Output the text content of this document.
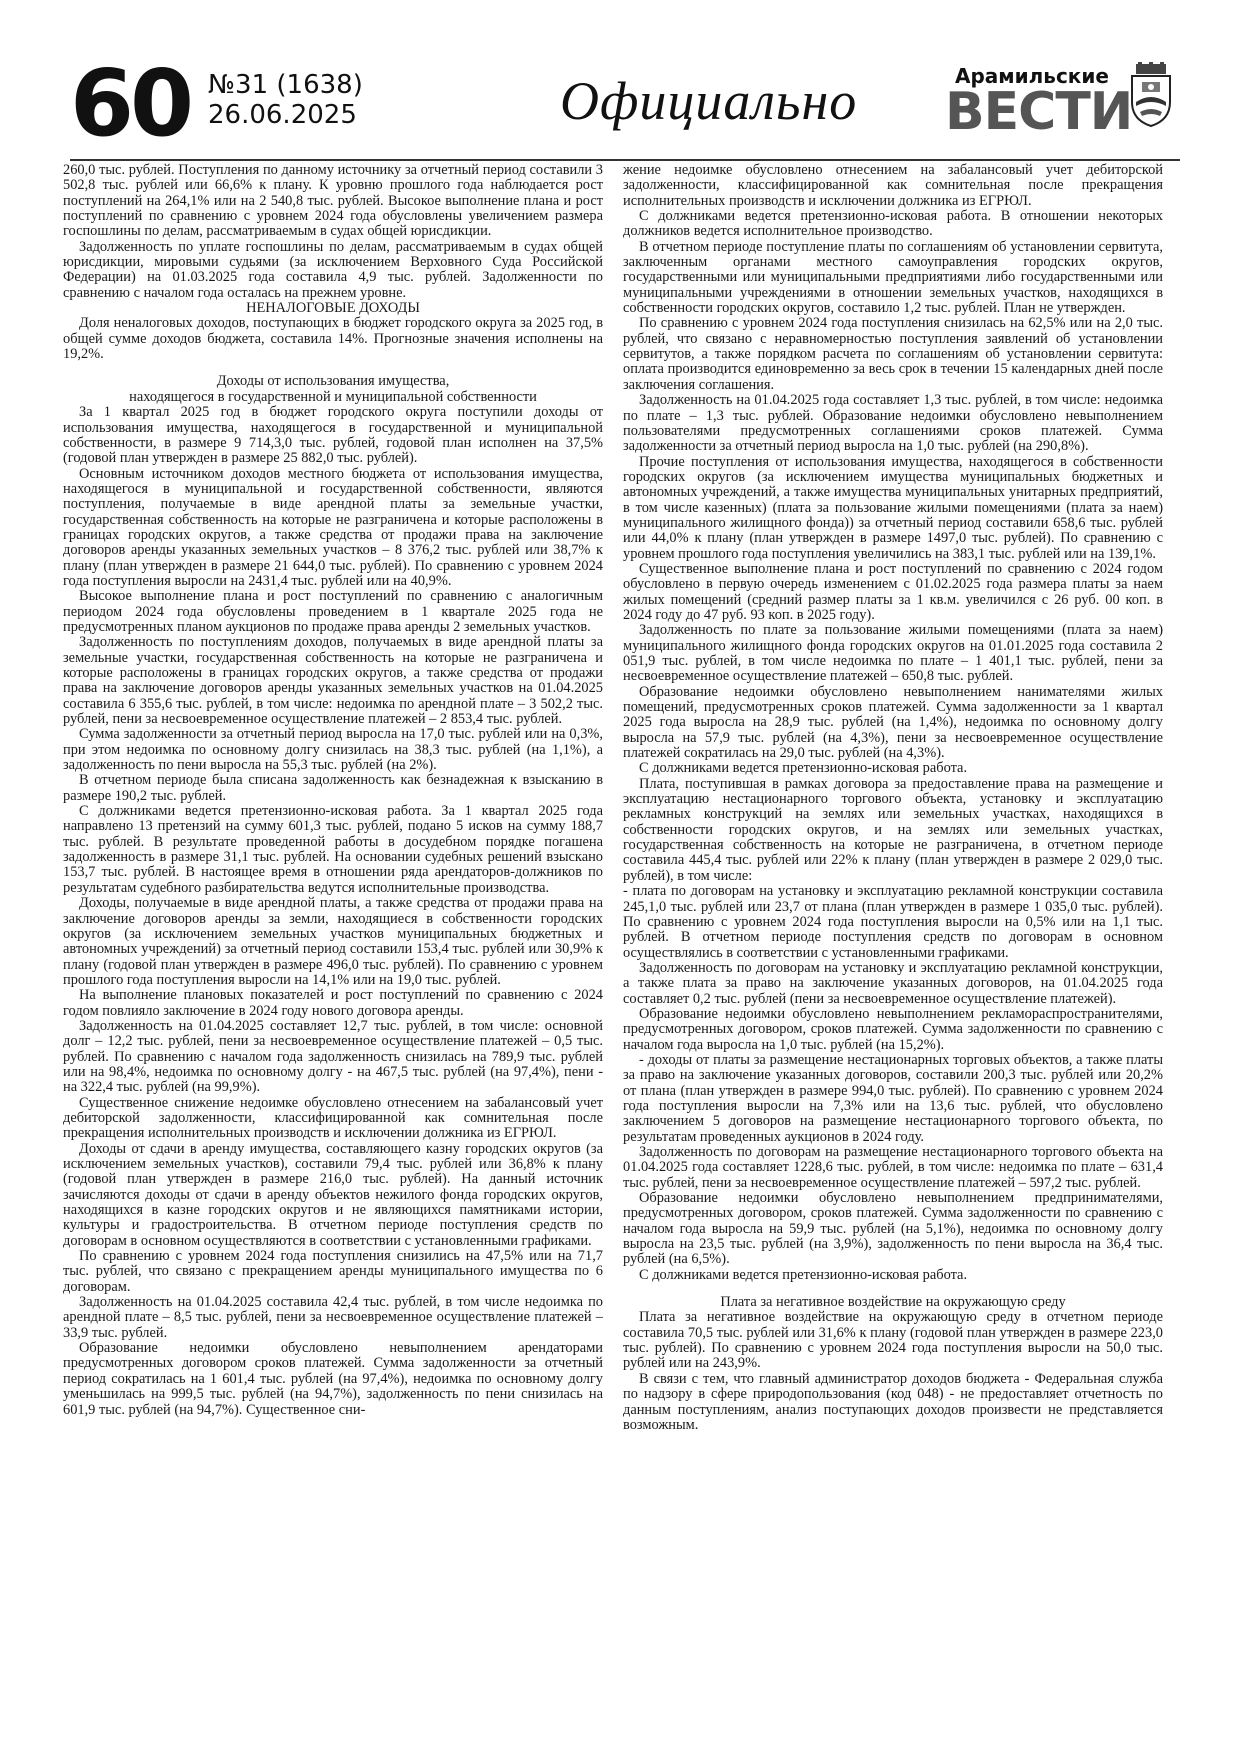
60 №31 (1638)
26.06.2025	Официально	Арамильские
ВЕСТИ

260,0 тыс. рублей. Поступления по данному источнику за отчетный период составили 3 502,8 тыс. рублей или 66,6% к плану. К уровню прошлого года наблюдается рост поступлений на 264,1% или на 2 540,8 тыс. рублей. Высокое выполнение плана и рост поступлений по сравнению с уровнем 2024 года обусловлены увеличением размера госпошлины по делам, рассматриваемым в судах общей юрисдикции.

Задолженность по уплате госпошлины по делам, рассматриваемым в судах общей юрисдикции, мировыми судьями (за исключением Верховного Суда Российской Федерации) на 01.03.2025 года составила 4,9 тыс. рублей. Задолженности по сравнению с началом года осталась на прежнем уровне.

НЕНАЛОГОВЫЕ ДОХОДЫ

Доля неналоговых доходов, поступающих в бюджет городского округа за 2025 год, в общей сумме доходов бюджета, составила 14%. Прогнозные значения исполнены на 19,2%.

Доходы от использования имущества,
находящегося в государственной и муниципальной собственности

За 1 квартал 2025 год в бюджет городского округа поступили доходы от использования имущества, находящегося в государственной и муниципальной собственности, в размере 9 714,3,0 тыс. рублей, годовой план исполнен на 37,5% (годовой план утвержден в размере 25 882,0 тыс. рублей).

Основным источником доходов местного бюджета от использования имущества, находящегося в муниципальной и государственной собственности, являются поступления, получаемые в виде арендной платы за земельные участки, государственная собственность на которые не разграничена и которые расположены в границах городских округов, а также средства от продажи права на заключение договоров аренды указанных земельных участков – 8 376,2 тыс. рублей или 38,7% к плану (план утвержден в размере 21 644,0 тыс. рублей). По сравнению с уровнем 2024 года поступления выросли на 2431,4 тыс. рублей или на 40,9%.

Высокое выполнение плана и рост поступлений по сравнению с аналогичным периодом 2024 года обусловлены проведением в 1 квартале 2025 года не предусмотренных планом аукционов по продаже права аренды 2 земельных участков.

Задолженность по поступлениям доходов, получаемых в виде арендной платы за земельные участки, государственная собственность на которые не разграничена и которые расположены в границах городских округов, а также средства от продажи права на заключение договоров аренды указанных земельных участков на 01.04.2025 составила 6 355,6 тыс. рублей, в том числе: недоимка по арендной плате – 3 502,2 тыс. рублей, пени за несвоевременное осуществление платежей – 2 853,4 тыс. рублей.

Сумма задолженности за отчетный период выросла на 17,0 тыс. рублей или на 0,3%, при этом недоимка по основному долгу снизилась на 38,3 тыс. рублей (на 1,1%), а задолженность по пени выросла на 55,3 тыс. рублей (на 2%).

В отчетном периоде была списана задолженность как безнадежная к взысканию в размере 190,2 тыс. рублей.

С должниками ведется претензионно-исковая работа. За 1 квартал 2025 года направлено 13 претензий на сумму 601,3 тыс. рублей, подано 5 исков на сумму 188,7 тыс. рублей. В результате проведенной работы в досудебном порядке погашена задолженность в размере 31,1 тыс. рублей. На основании судебных решений взыскано 153,7 тыс. рублей. В настоящее время в отношении ряда арендаторов-должников по результатам судебного разбирательства ведутся исполнительные производства.

Доходы, получаемые в виде арендной платы, а также средства от продажи права на заключение договоров аренды за земли, находящиеся в собственности городских округов (за исключением земельных участков муниципальных бюджетных и автономных учреждений) за отчетный период составили 153,4 тыс. рублей или 30,9% к плану (годовой план утвержден в размере 496,0 тыс. рублей). По сравнению с уровнем прошлого года поступления выросли на 14,1% или на 19,0 тыс. рублей.

На выполнение плановых показателей и рост поступлений по сравнению с 2024 годом повлияло заключение в 2024 году нового договора аренды.

Задолженность на 01.04.2025 составляет 12,7 тыс. рублей, в том числе: основной долг – 12,2 тыс. рублей, пени за несвоевременное осуществление платежей – 0,5 тыс. рублей. По сравнению с началом года задолженность снизилась на 789,9 тыс. рублей или на 98,4%, недоимка по основному долгу - на 467,5 тыс. рублей (на 97,4%), пени - на 322,4 тыс. рублей (на 99,9%).

Существенное снижение недоимке обусловлено отнесением на забалансовый учет дебиторской задолженности, классифицированной как сомнительная после прекращения исполнительных производств и исключении должника из ЕГРЮЛ.

Доходы от сдачи в аренду имущества, составляющего казну городских округов (за исключением земельных участков), составили 79,4 тыс. рублей или 36,8% к плану (годовой план утвержден в размере 216,0 тыс. рублей). На данный источник зачисляются доходы от сдачи в аренду объектов нежилого фонда городских округов, находящихся в казне городских округов и не являющихся памятниками истории, культуры и градостроительства. В отчетном периоде поступления средств по договорам в основном осуществляются в соответствии с установленными графиками.

По сравнению с уровнем 2024 года поступления снизились на 47,5% или на 71,7 тыс. рублей, что связано с прекращением аренды муниципального имущества по 6 договорам.

Задолженность на 01.04.2025 составила 42,4 тыс. рублей, в том числе недоимка по арендной плате – 8,5 тыс. рублей, пени за несвоевременное осуществление платежей – 33,9 тыс. рублей.

Образование недоимки обусловлено невыполнением арендаторами предусмотренных договором сроков платежей. Сумма задолженности за отчетный период сократилась на 1 601,4 тыс. рублей (на 97,4%), недоимка по основному долгу уменьшилась на 999,5 тыс. рублей (на 94,7%), задолженность по пени снизилась на 601,9 тыс. рублей (на 94,7%). Существенное сни-

жение недоимке обусловлено отнесением на забалансовый учет дебиторской задолженности, классифицированной как сомнительная после прекращения исполнительных производств и исключении должника из ЕГРЮЛ.

С должниками ведется претензионно-исковая работа. В отношении некоторых должников ведется исполнительное производство.

В отчетном периоде поступление платы по соглашениям об установлении сервитута, заключенным органами местного самоуправления городских округов, государственными или муниципальными предприятиями либо государственными или муниципальными учреждениями в отношении земельных участков, находящихся в собственности городских округов, составило 1,2 тыс. рублей. План не утвержден.

По сравнению с уровнем 2024 года поступления снизилась на 62,5% или на 2,0 тыс. рублей, что связано с неравномерностью поступления заявлений об установлении сервитутов, а также порядком расчета по соглашениям об установлении сервитута: оплата производится единовременно за весь срок в течении 15 календарных дней после заключения соглашения.

Задолженность на 01.04.2025 года составляет 1,3 тыс. рублей, в том числе: недоимка по плате – 1,3 тыс. рублей. Образование недоимки обусловлено невыполнением пользователями предусмотренных соглашениями сроков платежей. Сумма задолженности за отчетный период выросла на 1,0 тыс. рублей (на 290,8%).

Прочие поступления от использования имущества, находящегося в собственности городских округов (за исключением имущества муниципальных бюджетных и автономных учреждений, а также имущества муниципальных унитарных предприятий, в том числе казенных) (плата за пользование жилыми помещениями (плата за наем) муниципального жилищного фонда)) за отчетный период составили 658,6 тыс. рублей или 44,0% к плану (план утвержден в размере 1497,0 тыс. рублей). По сравнению с уровнем прошлого года поступления увеличились на 383,1 тыс. рублей или на 139,1%.

Существенное выполнение плана и рост поступлений по сравнению с 2024 годом обусловлено в первую очередь изменением с 01.02.2025 года размера платы за наем жилых помещений (средний размер платы за 1 кв.м. увеличился с 26 руб. 00 коп. в 2024 году до 47 руб. 93 коп. в 2025 году).

Задолженность по плате за пользование жилыми помещениями (плата за наем) муниципального жилищного фонда городских округов на 01.01.2025 года составила 2 051,9 тыс. рублей, в том числе недоимка по плате – 1 401,1 тыс. рублей, пени за несвоевременное осуществление платежей – 650,8 тыс. рублей.

Образование недоимки обусловлено невыполнением нанимателями жилых помещений, предусмотренных сроков платежей. Сумма задолженности за 1 квартал 2025 года выросла на 28,9 тыс. рублей (на 1,4%), недоимка по основному долгу выросла на 57,9 тыс. рублей (на 4,3%), пени за несвоевременное осуществление платежей сократилась на 29,0 тыс. рублей (на 4,3%).

С должниками ведется претензионно-исковая работа.

Плата, поступившая в рамках договора за предоставление права на размещение и эксплуатацию нестационарного торгового объекта, установку и эксплуатацию рекламных конструкций на землях или земельных участках, находящихся в собственности городских округов, и на землях или земельных участках, государственная собственность на которые не разграничена, в отчетном периоде составила 445,4 тыс. рублей или 22% к плану (план утвержден в размере 2 029,0 тыс. рублей), в том числе:

- плата по договорам на установку и эксплуатацию рекламной конструкции составила 245,1,0 тыс. рублей или 23,7 от плана (план утвержден в размере 1 035,0 тыс. рублей). По сравнению с уровнем 2024 года поступления выросли на 0,5% или на 1,1 тыс. рублей. В отчетном периоде поступления средств по договорам в основном осуществлялись в соответствии с установленными графиками.

Задолженность по договорам на установку и эксплуатацию рекламной конструкции, а также плата за право на заключение указанных договоров, на 01.04.2025 года составляет 0,2 тыс. рублей (пени за несвоевременное осуществление платежей).

Образование недоимки обусловлено невыполнением рекламораспространителями, предусмотренных договором, сроков платежей. Сумма задолженности по сравнению с началом года выросла на 1,0 тыс. рублей (на 15,2%).

- доходы от платы за размещение нестационарных торговых объектов, а также платы за право на заключение указанных договоров, составили 200,3 тыс. рублей или 20,2% от плана (план утвержден в размере 994,0 тыс. рублей). По сравнению с уровнем 2024 года поступления выросли на 7,3% или на 13,6 тыс. рублей, что обусловлено заключением 5 договоров на размещение нестационарного торгового объекта, по результатам проведенных аукционов в 2024 году.

Задолженность по договорам на размещение нестационарного торгового объекта на 01.04.2025 года составляет 1228,6 тыс. рублей, в том числе: недоимка по плате – 631,4 тыс. рублей, пени за несвоевременное осуществление платежей – 597,2 тыс. рублей.

Образование недоимки обусловлено невыполнением предпринимателями, предусмотренных договором, сроков платежей. Сумма задолженности по сравнению с началом года выросла на 59,9 тыс. рублей (на 5,1%), недоимка по основному долгу выросла на 23,5 тыс. рублей (на 3,9%), задолженность по пени выросла на 36,4 тыс. рублей (на 6,5%).

С должниками ведется претензионно-исковая работа.

Плата за негативное воздействие на окружающую среду

Плата за негативное воздействие на окружающую среду в отчетном периоде составила 70,5 тыс. рублей или 31,6% к плану (годовой план утвержден в размере 223,0 тыс. рублей). По сравнению с уровнем 2024 года поступления выросли на 50,0 тыс. рублей или на 243,9%.

В связи с тем, что главный администратор доходов бюджета - Федеральная служба по надзору в сфере природопользования (код 048) - не предоставляет отчетность по данным поступлениям, анализ поступающих доходов произвести не представляется возможным.
